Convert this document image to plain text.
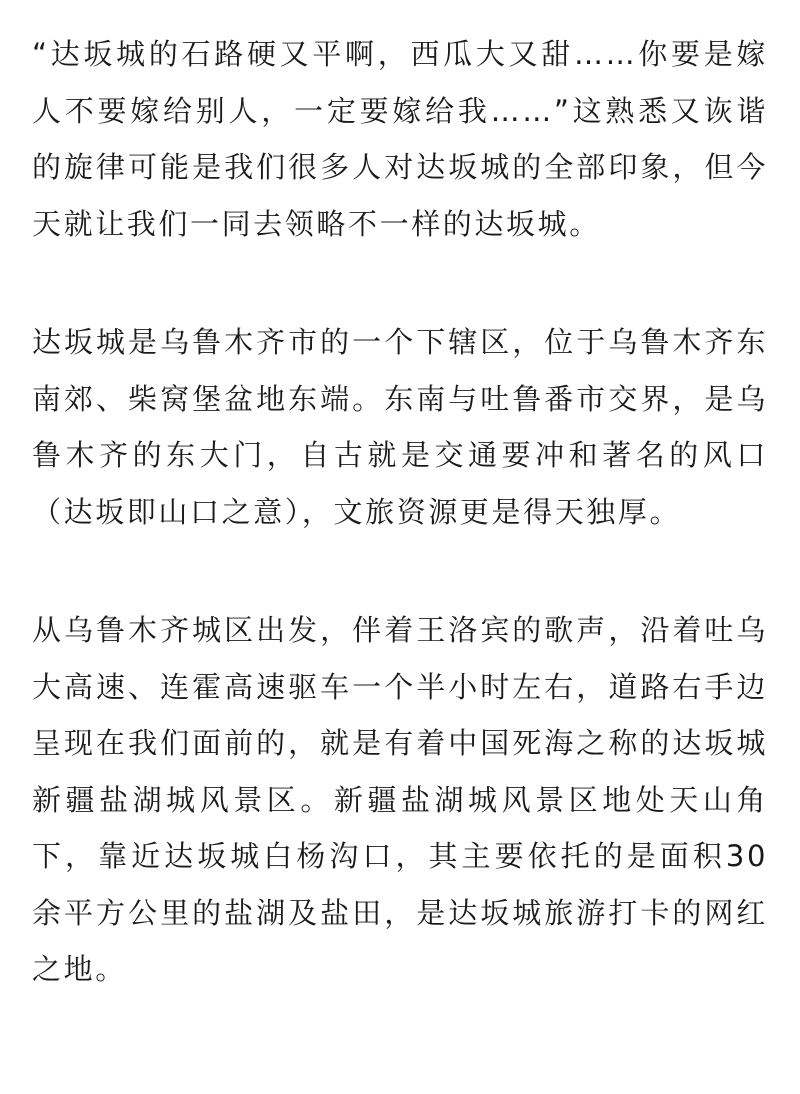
“达坂城的石路硬又平啊，西瓜大又甜……你要是嫁人不要嫁给别人，一定要嫁给我……”这熟悉又诙谐的旋律可能是我们很多人对达坂城的全部印象，但今天就让我们一同去领略不一样的达坂城。

达坂城是乌鲁木齐市的一个下辖区，位于乌鲁木齐东南郊、柴窝堡盆地东端。东南与吐鲁番市交界，是乌鲁木齐的东大门，自古就是交通要冲和著名的风口（达坂即山口之意），文旅资源更是得天独厚。

从乌鲁木齐城区出发，伴着王洛宾的歌声，沿着吐乌大高速、连霍高速驱车一个半小时左右，道路右手边呈现在我们面前的，就是有着中国死海之称的达坂城新疆盐湖城风景区。新疆盐湖城风景区地处天山角下，靠近达坂城白杨沟口，其主要依托的是面积30余平方公里的盐湖及盐田，是达坂城旅游打卡的网红之地。
